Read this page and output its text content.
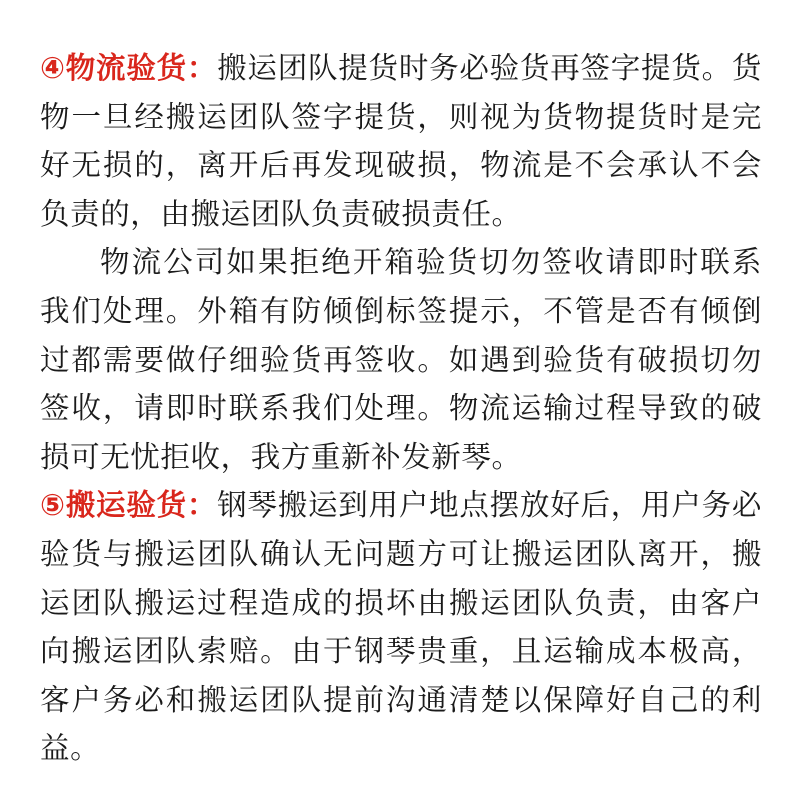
④物流验货：搬运团队提货时务必验货再签字提货。货物一旦经搬运团队签字提货，则视为货物提货时是完好无损的，离开后再发现破损，物流是不会承认不会负责的，由搬运团队负责破损责任。

物流公司如果拒绝开箱验货切勿签收请即时联系我们处理。外箱有防倾倒标签提示，不管是否有倾倒过都需要做仔细验货再签收。如遇到验货有破损切勿签收，请即时联系我们处理。物流运输过程导致的破损可无忧拒收，我方重新补发新琴。

⑤搬运验货：钢琴搬运到用户地点摆放好后，用户务必验货与搬运团队确认无问题方可让搬运团队离开，搬运团队搬运过程造成的损坏由搬运团队负责，由客户向搬运团队索赔。由于钢琴贵重，且运输成本极高，客户务必和搬运团队提前沟通清楚以保障好自己的利益。
